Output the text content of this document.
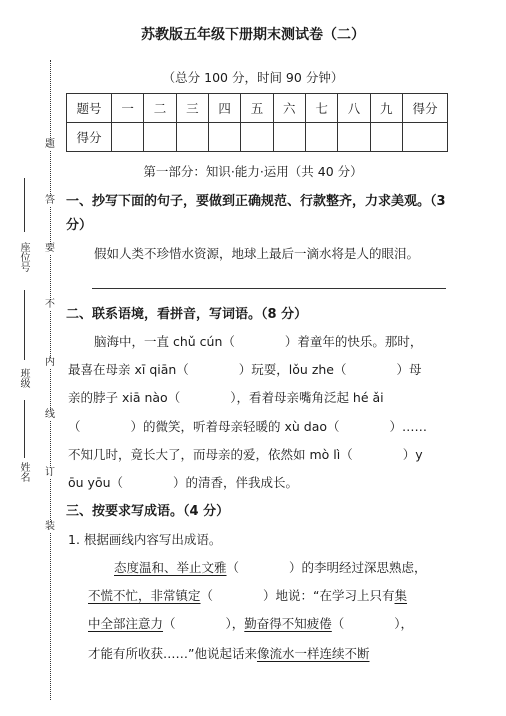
苏教版五年级下册期末测试卷（二）
（总分 100 分，时间 90 分钟）
题
答
要
不
内
线
订
装
座位号
班级
姓名
题号	一	二	三	四	五	六	七	八	九	得分
得分										
第一部分：知识·能力·运用（共 40 分）
一、抄写下面的句子，要做到正确规范、行款整齐，力求美观。（3
分）
假如人类不珍惜水资源，地球上最后一滴水将是人的眼泪。
二、联系语境，看拼音，写词语。（8 分）
脑海中，一直 chǔ cún（　　　　）着童年的快乐。那时，
最喜在母亲 xī qiān（　　　　）玩耍，lǒu zhe（　　　　）母
亲的脖子 xiā nào（　　　　），看着母亲嘴角泛起 hé ǎi
（　　　　）的微笑，听着母亲轻暖的 xù dao（　　　　）……
不知几时，竟长大了，而母亲的爱，依然如 mò lì（　　　　）y
ōu yōu（　　　　）的清香，伴我成长。
三、按要求写成语。（4 分）
1. 根据画线内容写出成语。
态度温和、举止文雅（　　　　）的李明经过深思熟虑，
不慌不忙，非常镇定（　　　　）地说：“在学习上只有集
中全部注意力（　　　　），勤奋得不知疲倦（　　　　），
才能有所收获……”他说起话来像流水一样连续不断
